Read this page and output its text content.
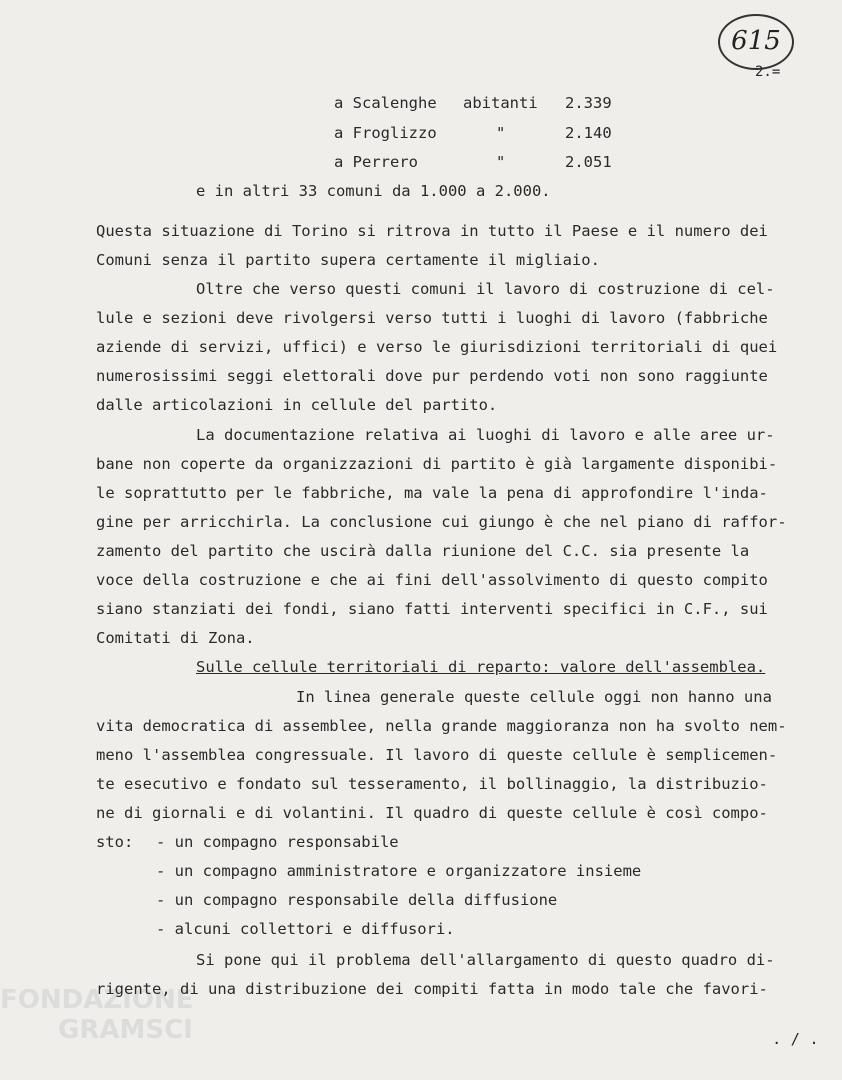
FONDAZIONE
GRAMSCI
615
2.=
a Scalenghe abitanti 2.339
a Froglizzo	"	2.140
a Perrero	"	2.051
e in altri 33 comuni da 1.000 a 2.000.
Questa situazione di Torino si ritrova in tutto il Paese e il numero dei
Comuni senza il partito supera certamente il migliaio.
Oltre che verso questi comuni il lavoro di costruzione di cel-
lule e sezioni deve rivolgersi verso tutti i luoghi di lavoro (fabbriche
aziende di servizi, uffici) e verso le giurisdizioni territoriali di quei
numerosissimi seggi elettorali dove pur perdendo voti non sono raggiunte
dalle articolazioni in cellule del partito.
La documentazione relativa ai luoghi di lavoro e alle aree ur-
bane non coperte da organizzazioni di partito è già largamente disponibi-
le soprattutto per le fabbriche, ma vale la pena di approfondire l'inda-
gine per arricchirla. La conclusione cui giungo è che nel piano di raffor-
zamento del partito che uscirà dalla riunione del C.C. sia presente la
voce della costruzione e che ai fini dell'assolvimento di questo compito
siano stanziati dei fondi, siano fatti interventi specifici in C.F., sui
Comitati di Zona.
Sulle cellule territoriali di reparto: valore dell'assemblea.
In linea generale queste cellule oggi non hanno una
vita democratica di assemblee, nella grande maggioranza non ha svolto nem-
meno l'assemblea congressuale. Il lavoro di queste cellule è semplicemen-
te esecutivo e fondato sul tesseramento, il bollinaggio, la distribuzio-
ne di giornali e di volantini. Il quadro di queste cellule è così compo-
sto: - un compagno responsabile
- un compagno amministratore e organizzatore insieme
- un compagno responsabile della diffusione
- alcuni collettori e diffusori.
Si pone qui il problema dell'allargamento di questo quadro di-
rigente, di una distribuzione dei compiti fatta in modo tale che favori-
. / .
